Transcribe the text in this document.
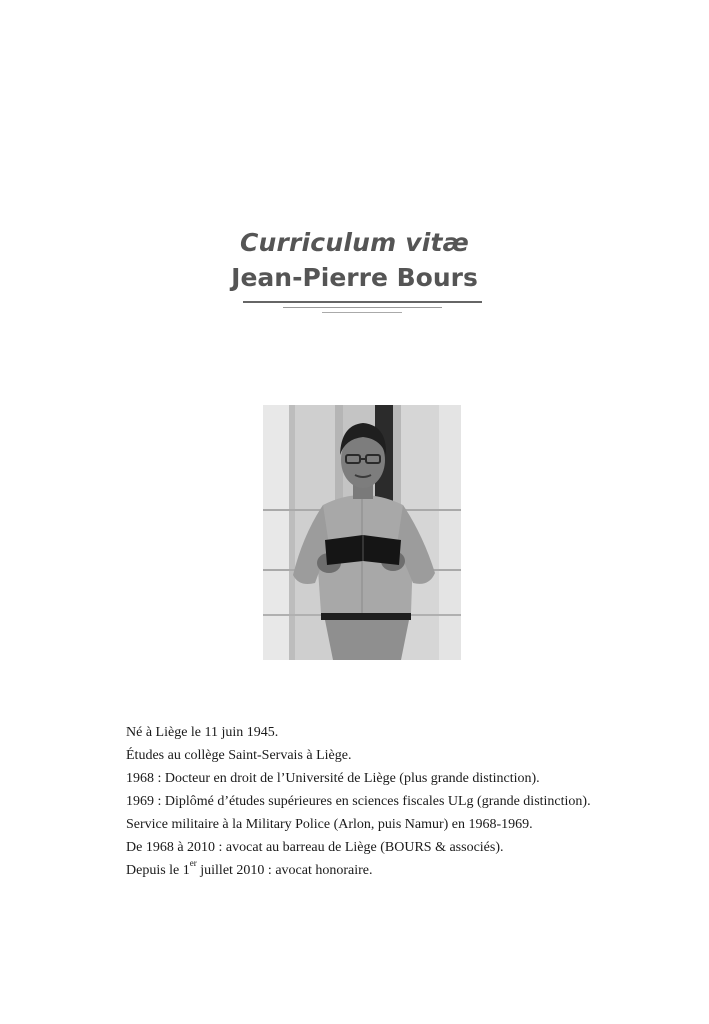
Curriculum vitæ
Jean-Pierre Bours
Né à Liège le 11 juin 1945.
Études au collège Saint-Servais à Liège.
1968 : Docteur en droit de l’Université de Liège (plus grande distinction).
1969 : Diplômé d’études supérieures en sciences fiscales ULg (grande distinction).
Service militaire à la Military Police (Arlon, puis Namur) en 1968-1969.
De 1968 à 2010 : avocat au barreau de Liège (BOURS & associés).
Depuis le 1er juillet 2010 : avocat honoraire.
